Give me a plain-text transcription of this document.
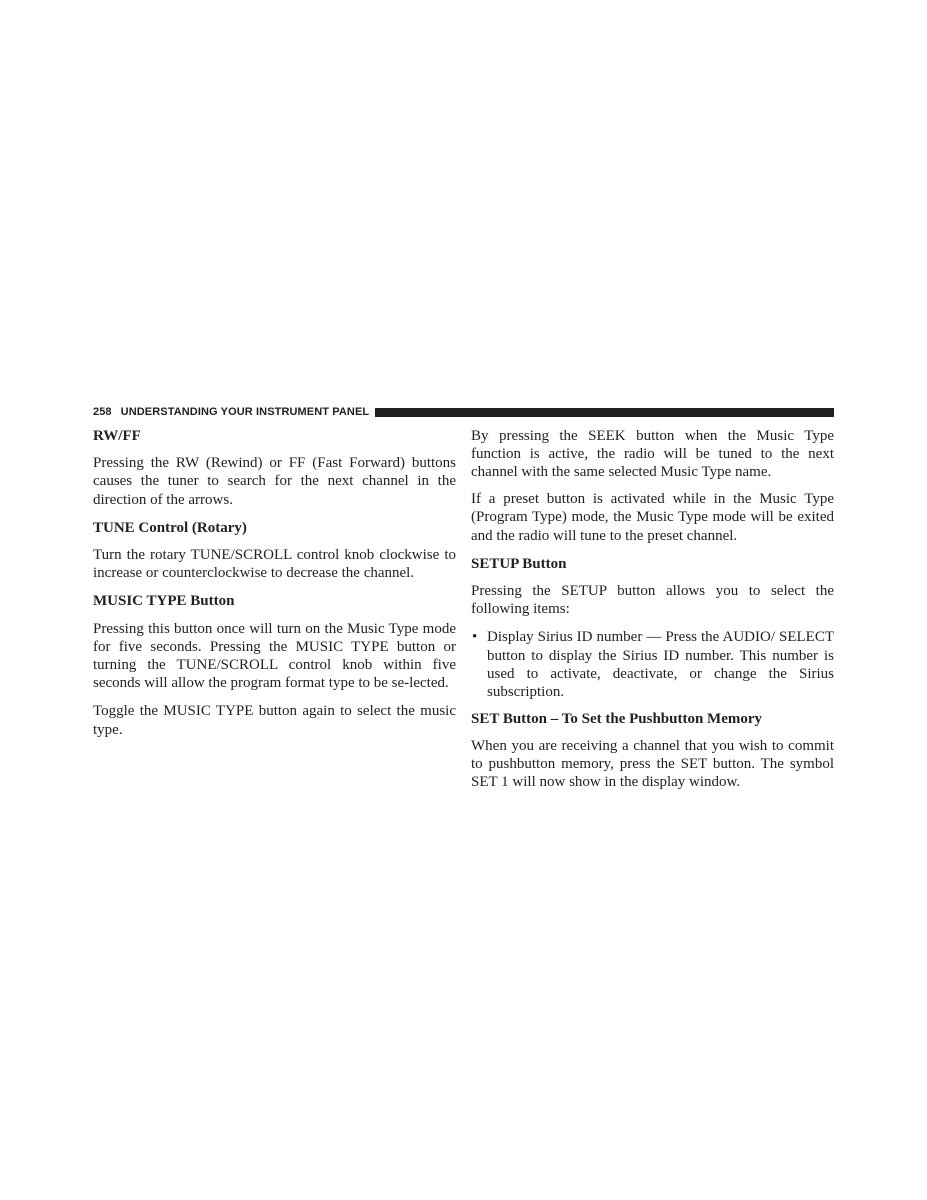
258 UNDERSTANDING YOUR INSTRUMENT PANEL
RW/FF

Pressing the RW (Rewind) or FF (Fast Forward) buttons causes the tuner to search for the next channel in the direction of the arrows.

TUNE Control (Rotary)

Turn the rotary TUNE/SCROLL control knob clockwise to increase or counterclockwise to decrease the channel.

MUSIC TYPE Button

Pressing this button once will turn on the Music Type mode for five seconds. Pressing the MUSIC TYPE button or turning the TUNE/SCROLL control knob within five seconds will allow the program format type to be se-lected.

Toggle the MUSIC TYPE button again to select the music type.

By pressing the SEEK button when the Music Type function is active, the radio will be tuned to the next channel with the same selected Music Type name.

If a preset button is activated while in the Music Type (Program Type) mode, the Music Type mode will be exited and the radio will tune to the preset channel.

SETUP Button

Pressing the SETUP button allows you to select the following items:

• Display Sirius ID number — Press the AUDIO/ SELECT button to display the Sirius ID number. This number is used to activate, deactivate, or change the Sirius subscription.
SET Button – To Set the Pushbutton Memory

When you are receiving a channel that you wish to commit to pushbutton memory, press the SET button. The symbol SET 1 will now show in the display window.
